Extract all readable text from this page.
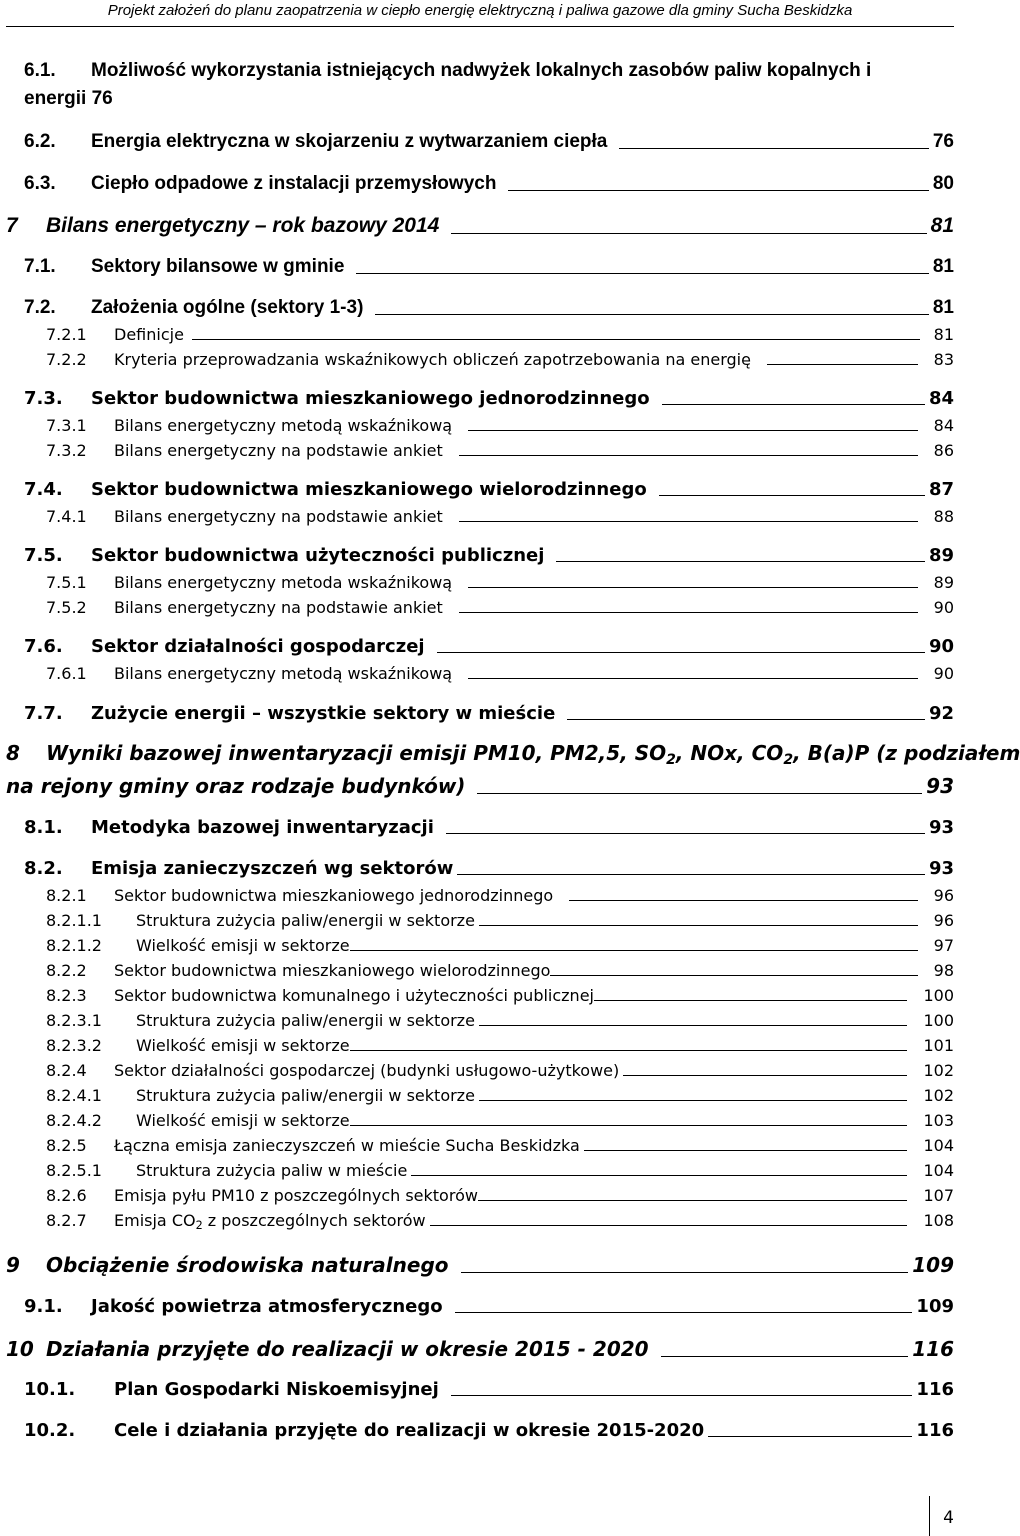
Projekt założeń do planu zaopatrzenia w ciepło energię elektryczną i paliwa gazowe dla gminy Sucha Beskidzka
6.1. Możliwość wykorzystania istniejących nadwyżek lokalnych zasobów paliw kopalnych i
energii 76
6.2.	Energia elektryczna w skojarzeniu z wytwarzaniem ciepła	76
6.3.	Ciepło odpadowe z instalacji przemysłowych	80
7	Bilans energetyczny – rok bazowy 2014	81
7.1.	Sektory bilansowe w gminie	81
7.2.	Założenia ogólne (sektory 1-3)	81
7.2.1	Definicje	81
7.2.2	Kryteria przeprowadzania wskaźnikowych obliczeń zapotrzebowania na energię	83
7.3.	Sektor budownictwa mieszkaniowego jednorodzinnego	84
7.3.1	Bilans energetyczny metodą wskaźnikową	84
7.3.2	Bilans energetyczny na podstawie ankiet	86
7.4.	Sektor budownictwa mieszkaniowego wielorodzinnego	87
7.4.1	Bilans energetyczny na podstawie ankiet	88
7.5.	Sektor budownictwa użyteczności publicznej	89
7.5.1	Bilans energetyczny metoda wskaźnikową	89
7.5.2	Bilans energetyczny na podstawie ankiet	90
7.6.	Sektor działalności gospodarczej	90
7.6.1	Bilans energetyczny metodą wskaźnikową	90
7.7.	Zużycie energii – wszystkie sektory w mieście	92
8 Wyniki bazowej inwentaryzacji emisji PM10, PM2,5, $SO_2$, NOx, $CO_2$, B(a)P (z podziałem
na rejony gminy oraz rodzaje budynków)	93
8.1.	Metodyka bazowej inwentaryzacji	93
8.2.	Emisja zanieczyszczeń wg sektorów	93
8.2.1	Sektor budownictwa mieszkaniowego jednorodzinnego	96
8.2.1.1	Struktura zużycia paliw/energii w sektorze	96
8.2.1.2	Wielkość emisji w sektorze	97
8.2.2	Sektor budownictwa mieszkaniowego wielorodzinnego	98
8.2.3	Sektor budownictwa komunalnego i użyteczności publicznej	100
8.2.3.1	Struktura zużycia paliw/energii w sektorze	100
8.2.3.2	Wielkość emisji w sektorze	101
8.2.4	Sektor działalności gospodarczej (budynki usługowo-użytkowe)	102
8.2.4.1	Struktura zużycia paliw/energii w sektorze	102
8.2.4.2	Wielkość emisji w sektorze	103
8.2.5	Łączna emisja zanieczyszczeń w mieście Sucha Beskidzka	104
8.2.5.1	Struktura zużycia paliw w mieście	104
8.2.6	Emisja pyłu PM10 z poszczególnych sektorów	107
8.2.7	Emisja $CO_2$ z poszczególnych sektorów	108
9	Obciążenie środowiska naturalnego	109
9.1.	Jakość powietrza atmosferycznego	109
10 Działania przyjęte do realizacji w okresie 2015 - 2020	116
10.1.	Plan Gospodarki Niskoemisyjnej	116
10.2.	Cele i działania przyjęte do realizacji w okresie 2015-2020	116
4
